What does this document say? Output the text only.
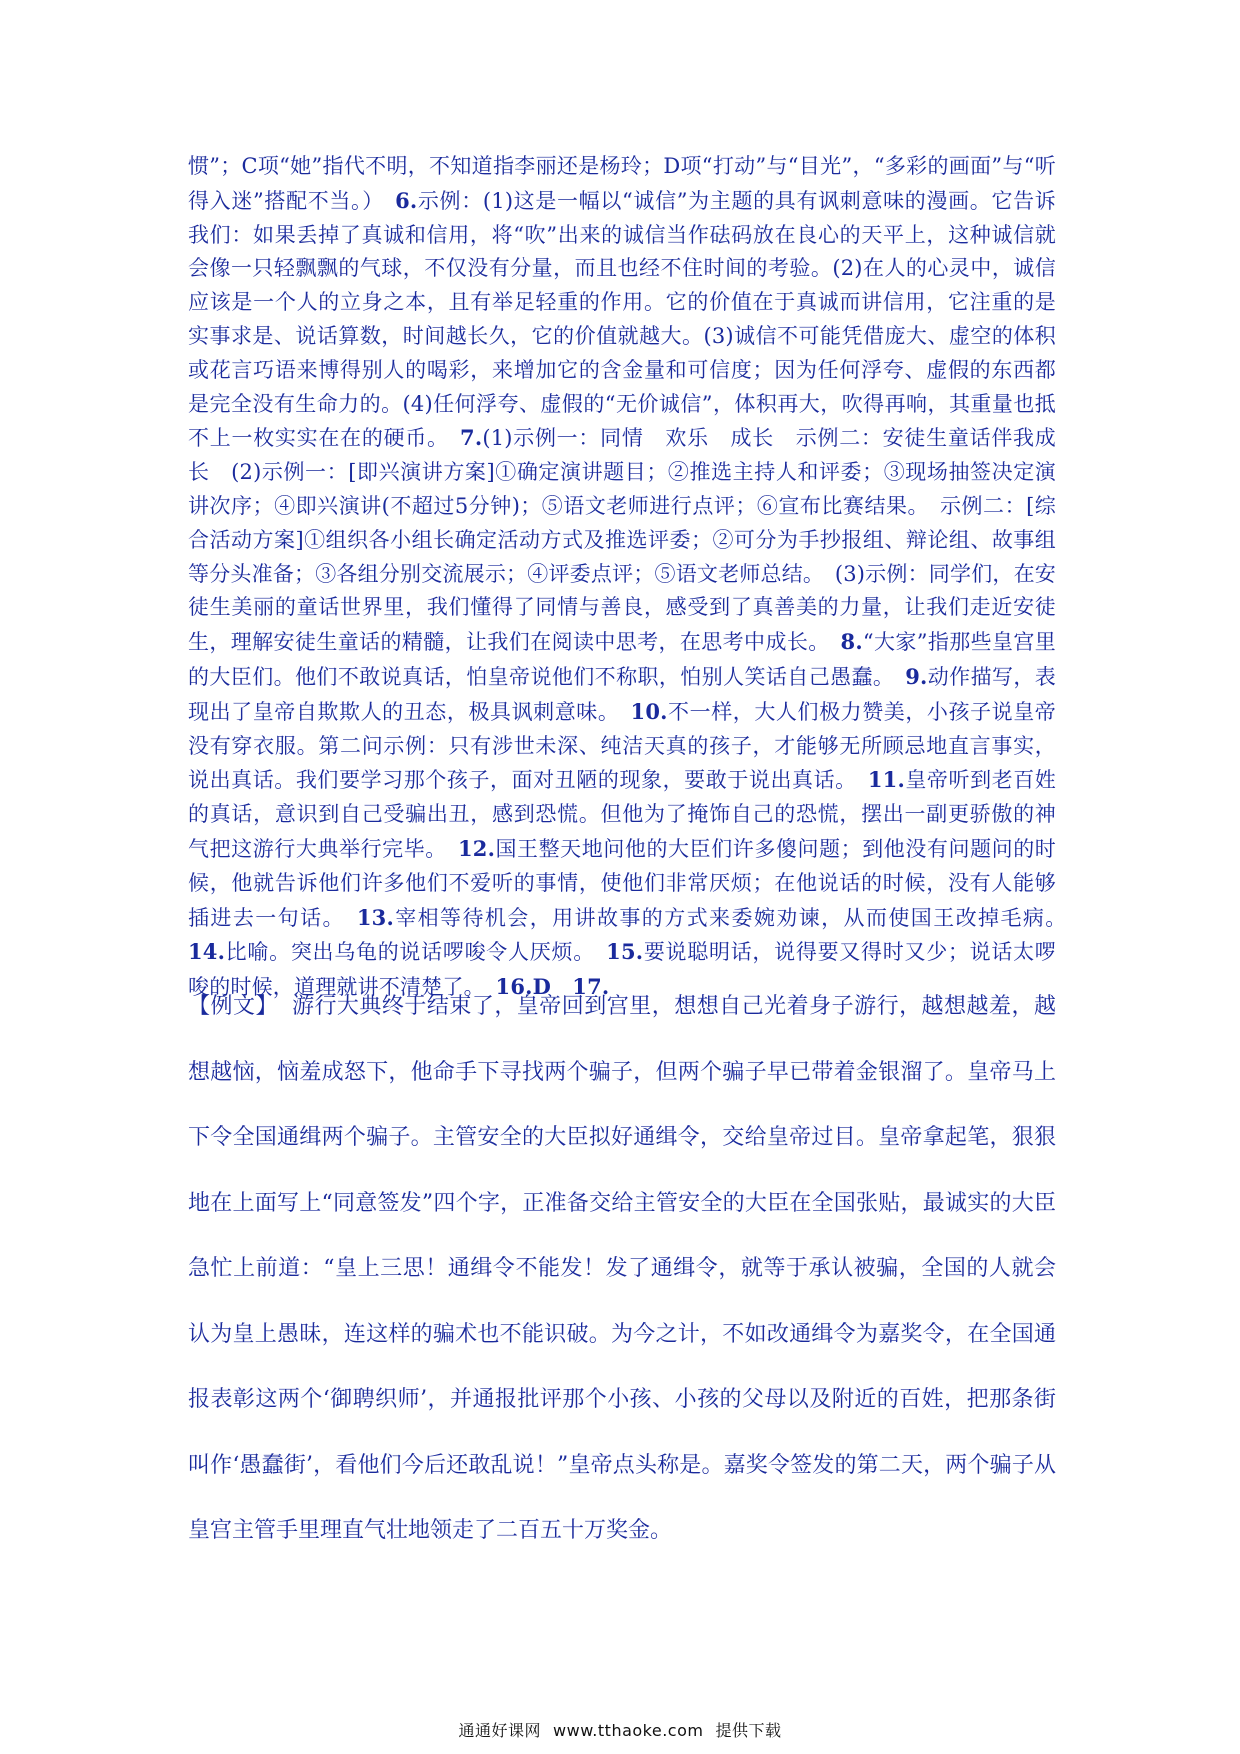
惯”；C项“她”指代不明，不知道指李丽还是杨玲；D项“打动”与“目光”，“多彩的画面”与“听得入迷”搭配不当。）　 6.示例：(1)这是一幅以“诚信”为主题的具有讽刺意味的漫画。它告诉我们：如果丢掉了真诚和信用，将“吹”出来的诚信当作砝码放在良心的天平上，这种诚信就会像一只轻飘飘的气球，不仅没有分量，而且也经不住时间的考验。(2)在人的心灵中，诚信应该是一个人的立身之本，且有举足轻重的作用。它的价值在于真诚而讲信用，它注重的是实事求是、说话算数，时间越长久，它的价值就越大。(3)诚信不可能凭借庞大、虚空的体积或花言巧语来博得别人的喝彩，来增加它的含金量和可信度；因为任何浮夸、虚假的东西都是完全没有生命力的。(4)任何浮夸、虚假的“无价诚信”，体积再大，吹得再响，其重量也抵不上一枚实实在在的硬币。　 7.(1)示例一：同情　欢乐　成长　示例二：安徒生童话伴我成长　(2)示例一：[即兴演讲方案]①确定演讲题目；②推选主持人和评委；③现场抽签决定演讲次序；④即兴演讲(不超过5分钟)；⑤语文老师进行点评；⑥宣布比赛结果。　示例二：[综合活动方案]①组织各小组长确定活动方式及推选评委；②可分为手抄报组、辩论组、故事组等分头准备；③各组分别交流展示；④评委点评；⑤语文老师总结。　(3)示例：同学们，在安徒生美丽的童话世界里，我们懂得了同情与善良，感受到了真善美的力量，让我们走近安徒生，理解安徒生童话的精髓，让我们在阅读中思考，在思考中成长。　 8.“大家”指那些皇宫里的大臣们。他们不敢说真话，怕皇帝说他们不称职，怕别人笑话自己愚蠢。　 9.动作描写，表现出了皇帝自欺欺人的丑态，极具讽刺意味。　 10.不一样，大人们极力赞美，小孩子说皇帝没有穿衣服。第二问示例：只有涉世未深、纯洁天真的孩子，才能够无所顾忌地直言事实，说出真话。我们要学习那个孩子，面对丑陋的现象，要敢于说出真话。　 11.皇帝听到老百姓的真话，意识到自己受骗出丑，感到恐慌。但他为了掩饰自己的恐慌，摆出一副更骄傲的神气把这游行大典举行完毕。　 12.国王整天地问他的大臣们许多傻问题；到他没有问题问的时候，他就告诉他们许多他们不爱听的事情，使他们非常厌烦；在他说话的时候，没有人能够插进去一句话。　 13.宰相等待机会，用讲故事的方式来委婉劝谏，从而使国王改掉毛病。　14.比喻。突出乌龟的说话啰唆令人厌烦。　 15.要说聪明话，说得要又得时又少；说话太啰唆的时候，道理就讲不清楚了。　 16.D　 17.

【例文】 游行大典终于结束了，皇帝回到宫里，想想自己光着身子游行，越想越羞，越想越恼，恼羞成怒下，他命手下寻找两个骗子，但两个骗子早已带着金银溜了。皇帝马上下令全国通缉两个骗子。主管安全的大臣拟好通缉令，交给皇帝过目。皇帝拿起笔，狠狠地在上面写上“同意签发”四个字，正准备交给主管安全的大臣在全国张贴，最诚实的大臣急忙上前道：“皇上三思！通缉令不能发！发了通缉令，就等于承认被骗，全国的人就会认为皇上愚昧，连这样的骗术也不能识破。为今之计，不如改通缉令为嘉奖令，在全国通报表彰这两个‘御聘织师’，并通报批评那个小孩、小孩的父母以及附近的百姓，把那条街叫作‘愚蠢街’，看他们今后还敢乱说！”皇帝点头称是。嘉奖令签发的第二天，两个骗子从皇宫主管手里理直气壮地领走了二百五十万奖金。

通通好课网 www.tthaoke.com 提供下载
